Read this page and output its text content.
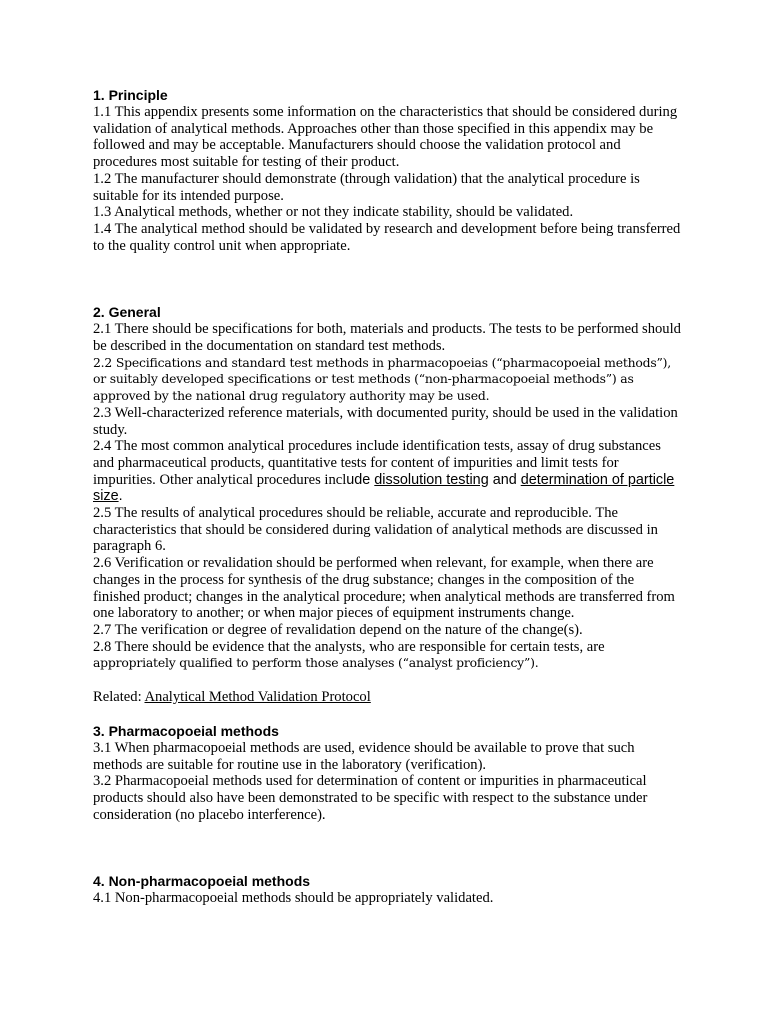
1. Principle

1.1 This appendix presents some information on the characteristics that should be considered during validation of analytical methods. Approaches other than those specified in this appendix may be followed and may be acceptable. Manufacturers should choose the validation protocol and procedures most suitable for testing of their product.

1.2 The manufacturer should demonstrate (through validation) that the analytical procedure is suitable for its intended purpose.

1.3 Analytical methods, whether or not they indicate stability, should be validated.

1.4 The analytical method should be validated by research and development before being transferred to the quality control unit when appropriate.

2. General

2.1 There should be specifications for both, materials and products. The tests to be performed should be described in the documentation on standard test methods.

2.2 Specifications and standard test methods in pharmacopoeias (“pharmacopoeial methods”), or suitably developed specifications or test methods (“non-pharmacopoeial methods”) as approved by the national drug regulatory authority may be used.

2.3 Well-characterized reference materials, with documented purity, should be used in the validation study.

2.4 The most common analytical procedures include identification tests, assay of drug substances and pharmaceutical products, quantitative tests for content of impurities and limit tests for impurities. Other analytical procedures include dissolution testing and determination of particle size.

2.5 The results of analytical procedures should be reliable, accurate and reproducible. The characteristics that should be considered during validation of analytical methods are discussed in paragraph 6.

2.6 Verification or revalidation should be performed when relevant, for example, when there are changes in the process for synthesis of the drug substance; changes in the composition of the finished product; changes in the analytical procedure; when analytical methods are transferred from one laboratory to another; or when major pieces of equipment instruments change.

2.7 The verification or degree of revalidation depend on the nature of the change(s).

2.8 There should be evidence that the analysts, who are responsible for certain tests, are

appropriately qualified to perform those analyses (“analyst proficiency”).

Related: Analytical Method Validation Protocol

3. Pharmacopoeial methods

3.1 When pharmacopoeial methods are used, evidence should be available to prove that such methods are suitable for routine use in the laboratory (verification).

3.2 Pharmacopoeial methods used for determination of content or impurities in pharmaceutical products should also have been demonstrated to be specific with respect to the substance under consideration (no placebo interference).

4. Non-pharmacopoeial methods

4.1 Non-pharmacopoeial methods should be appropriately validated.
